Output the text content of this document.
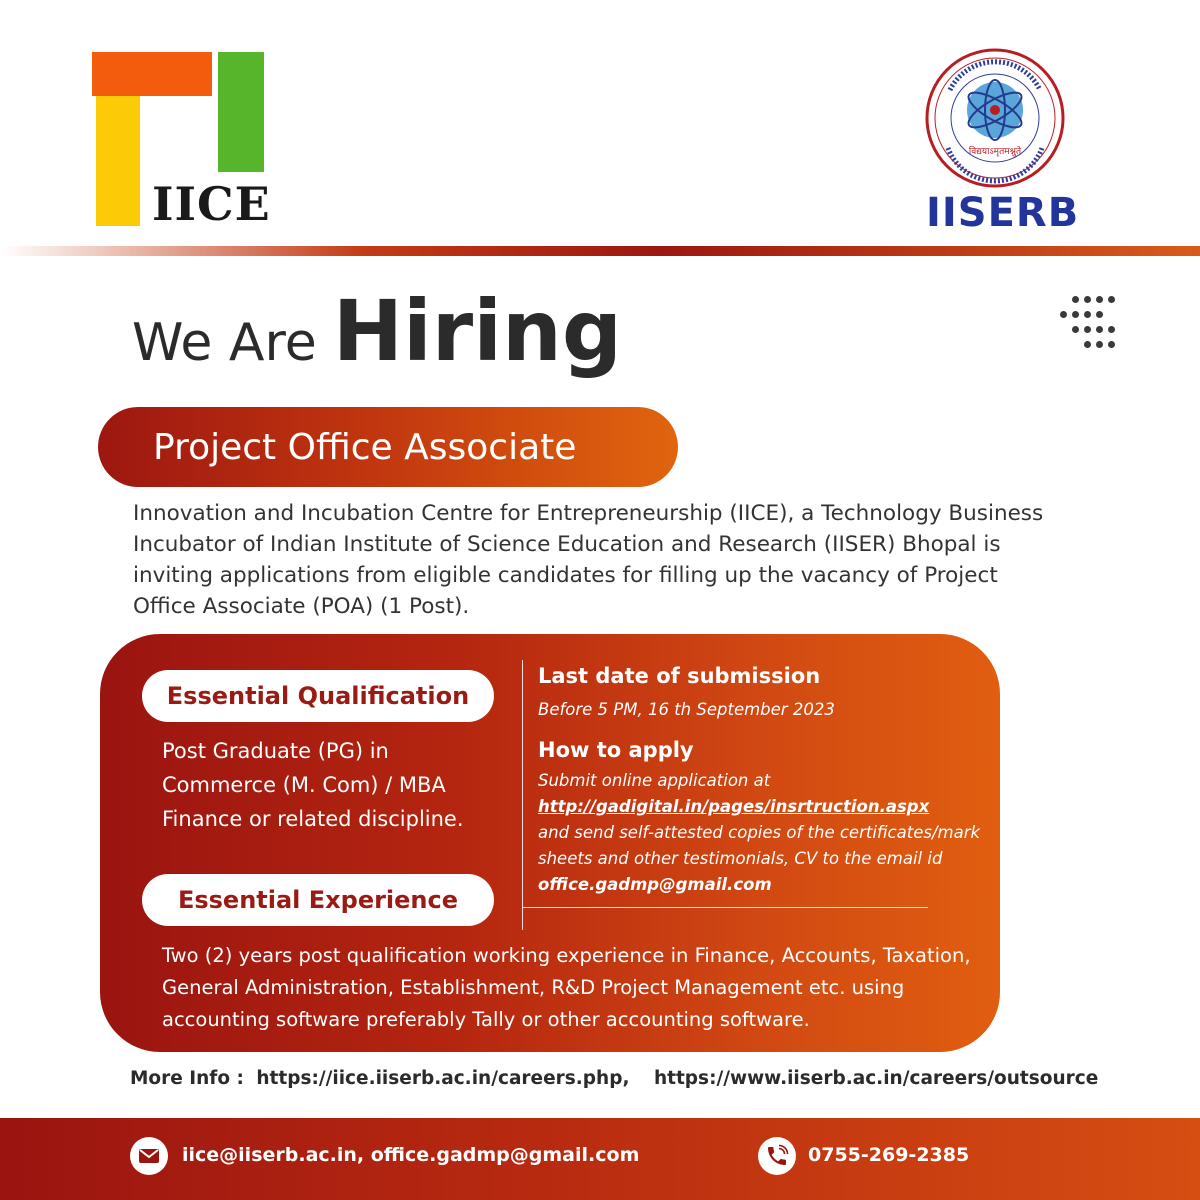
IICE
विद्ययाऽमृतमश्नुते
IISERB
We Are Hiring
Project Office Associate

Innovation and Incubation Centre for Entrepreneurship (IICE), a Technology Business Incubator of Indian Institute of Science Education and Research (IISER) Bhopal is inviting applications from eligible candidates for filling up the vacancy of Project Office Associate (POA) (1 Post).

Essential Qualification

Post Graduate (PG) in Commerce (M. Com) / MBA Finance or related discipline.

Essential Experience

Two (2) years post qualification working experience in Finance, Accounts, Taxation, General Administration, Establishment, R&D Project Management etc. using accounting software preferably Tally or other accounting software.

Last date of submission
Before 5 PM, 16 th September 2023
How to apply
Submit online application at
http://gadigital.in/pages/insrtruction.aspx
and send self-attested copies of the certificates/mark sheets and other testimonials, CV to the email id office.gadmp@gmail.com
More Info : https://iice.iiserb.ac.in/careers.php, https://www.iiserb.ac.in/careers/outsource
iice@iiserb.ac.in, office.gadmp@gmail.com	0755-269-2385
